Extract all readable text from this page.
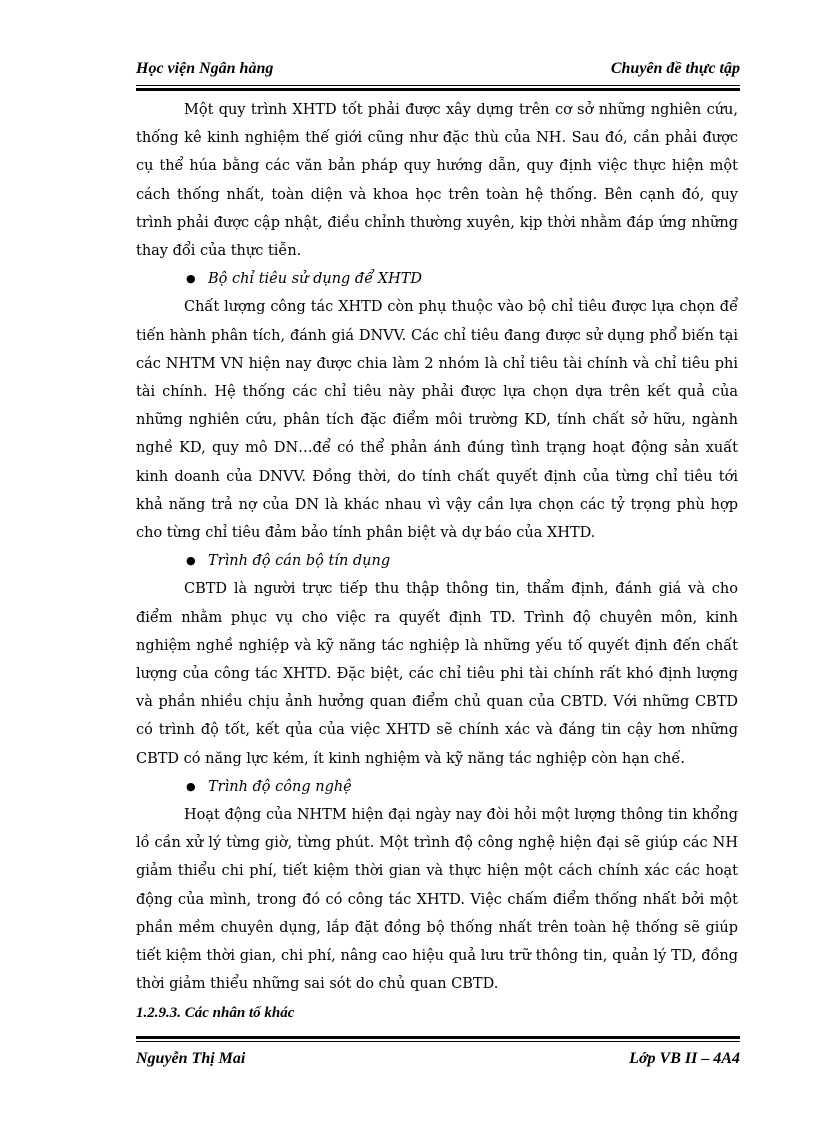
Học viện Ngân hàng	Chuyên đề thực tập

Một quy trình XHTD tốt phải được xây dựng trên cơ sở những nghiên cứu, thống kê kinh nghiệm thế giới cũng như đặc thù của NH. Sau đó, cần phải được cụ thể húa bằng các văn bản pháp quy hướng dẫn, quy định việc thực hiện một cách thống nhất, toàn diện và khoa học trên toàn hệ thống. Bên cạnh đó, quy trình phải được cập nhật, điều chỉnh thường xuyên, kịp thời nhằm đáp ứng những thay đổi của thực tiễn.

● Bộ chỉ tiêu sử dụng để XHTD

Chất lượng công tác XHTD còn phụ thuộc vào bộ chỉ tiêu được lựa chọn để tiến hành phân tích, đánh giá DNVV. Các chỉ tiêu đang được sử dụng phổ biến tại các NHTM VN hiện nay được chia làm 2 nhóm là chỉ tiêu tài chính và chỉ tiêu phi tài chính. Hệ thống các chỉ tiêu này phải được lựa chọn dựa trên kết quả của những nghiên cứu, phân tích đặc điểm môi trường KD, tính chất sở hữu, ngành nghề KD, quy mô DN…để có thể phản ánh đúng tình trạng hoạt động sản xuất kinh doanh của DNVV. Đồng thời, do tính chất quyết định của từng chỉ tiêu tới khả năng trả nợ của DN là khác nhau vì vậy cần lựa chọn các tỷ trọng phù hợp cho từng chỉ tiêu đảm bảo tính phân biệt và dự báo của XHTD.

● Trình độ cán bộ tín dụng

CBTD là người trực tiếp thu thập thông tin, thẩm định, đánh giá và cho điểm nhằm phục vụ cho việc ra quyết định TD. Trình độ chuyên môn, kinh nghiệm nghề nghiệp và kỹ năng tác nghiệp là những yếu tố quyết định đến chất lượng của công tác XHTD. Đặc biệt, các chỉ tiêu phi tài chính rất khó định lượng và phần nhiều chịu ảnh hưởng quan điểm chủ quan của CBTD. Với những CBTD có trình độ tốt, kết qủa của việc XHTD sẽ chính xác và đáng tin cậy hơn những CBTD có năng lực kém, ít kinh nghiệm và kỹ năng tác nghiệp còn hạn chế.

● Trình độ công nghệ

Hoạt động của NHTM hiện đại ngày nay đòi hỏi một lượng thông tin khổng lồ cần xử lý từng giờ, từng phút. Một trình độ công nghệ hiện đại sẽ giúp các NH giảm thiểu chi phí, tiết kiệm thời gian và thực hiện một cách chính xác các hoạt động của mình, trong đó có công tác XHTD. Việc chấm điểm thống nhất bởi một phần mềm chuyên dụng, lắp đặt đồng bộ thống nhất trên toàn hệ thống sẽ giúp tiết kiệm thời gian, chi phí, nâng cao hiệu quả lưu trữ thông tin, quản lý TD, đồng thời giảm thiểu những sai sót do chủ quan CBTD.

1.2.9.3. Các nhân tố khác

Nguyễn Thị Mai	Lớp VB II – 4A4
